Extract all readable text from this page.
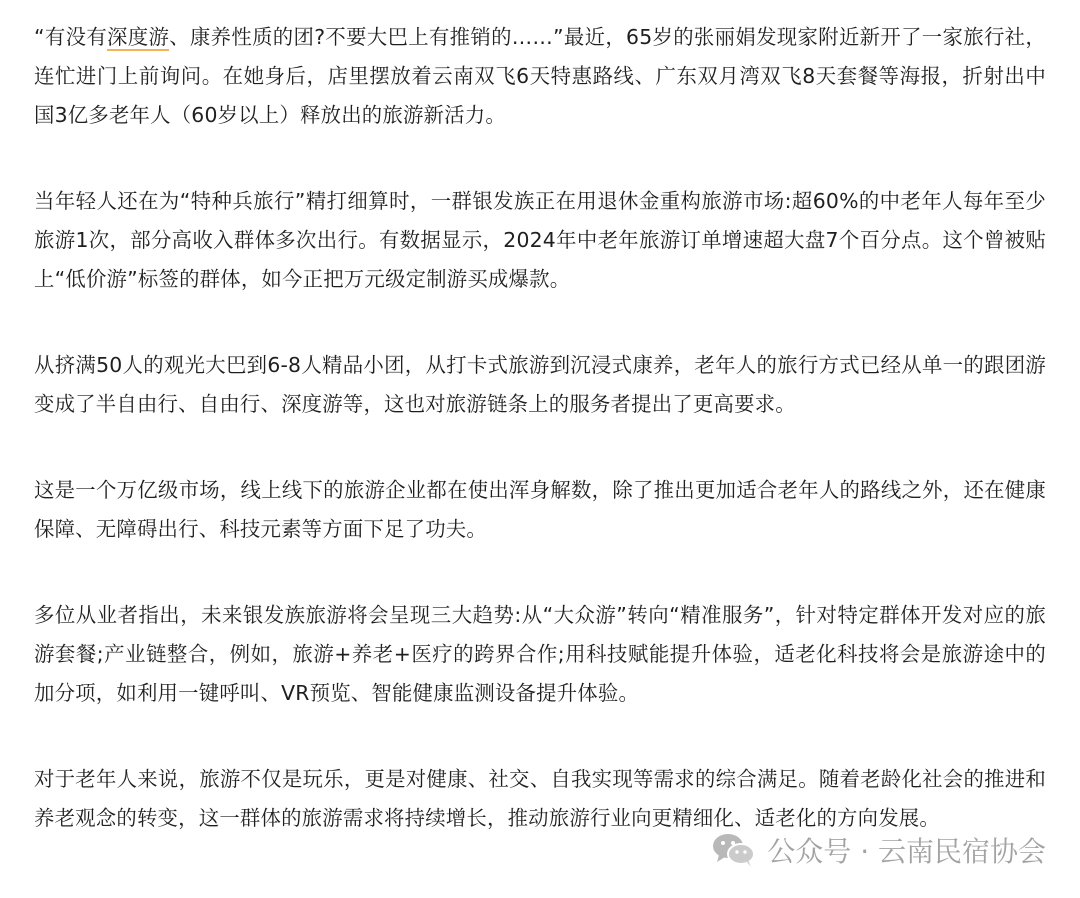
“有没有深度游、康养性质的团?不要大巴上有推销的……”最近，65岁的张丽娟发现家附近新开了一家旅行社，连忙进门上前询问。在她身后，店里摆放着云南双飞6天特惠路线、广东双月湾双飞8天套餐等海报，折射出中国3亿多老年人（60岁以上）释放出的旅游新活力。

当年轻人还在为“特种兵旅行”精打细算时，一群银发族正在用退休金重构旅游市场:超60%的中老年人每年至少旅游1次，部分高收入群体多次出行。有数据显示，2024年中老年旅游订单增速超大盘7个百分点。这个曾被贴上“低价游”标签的群体，如今正把万元级定制游买成爆款。

从挤满50人的观光大巴到6-8人精品小团，从打卡式旅游到沉浸式康养，老年人的旅行方式已经从单一的跟团游变成了半自由行、自由行、深度游等，这也对旅游链条上的服务者提出了更高要求。

这是一个万亿级市场，线上线下的旅游企业都在使出浑身解数，除了推出更加适合老年人的路线之外，还在健康保障、无障碍出行、科技元素等方面下足了功夫。

多位从业者指出，未来银发族旅游将会呈现三大趋势:从“大众游”转向“精准服务”，针对特定群体开发对应的旅游套餐;产业链整合，例如，旅游+养老+医疗的跨界合作;用科技赋能提升体验，适老化科技将会是旅游途中的加分项，如利用一键呼叫、VR预览、智能健康监测设备提升体验。

对于老年人来说，旅游不仅是玩乐，更是对健康、社交、自我实现等需求的综合满足。随着老龄化社会的推进和养老观念的转变，这一群体的旅游需求将持续增长，推动旅游行业向更精细化、适老化的方向发展。

公众号 · 云南民宿协会
